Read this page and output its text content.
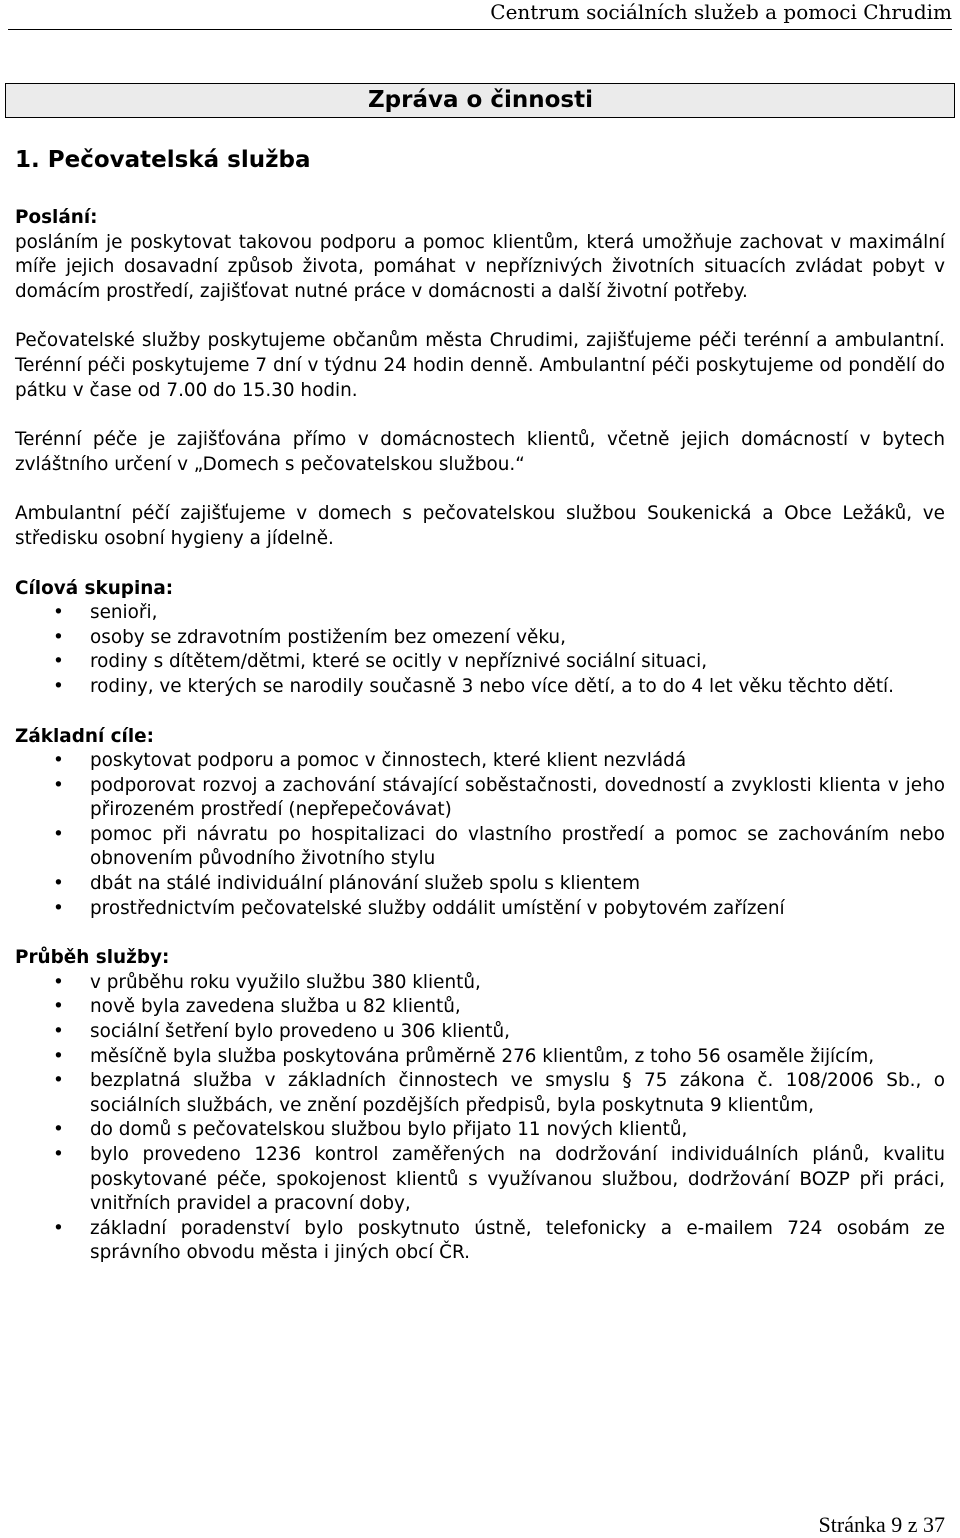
Centrum sociálních služeb a pomoci Chrudim
Zpráva o činnosti
1. Pečovatelská služba
Poslání:

posláním je poskytovat takovou podporu a pomoc klientům, která umožňuje zachovat v maximální míře jejich dosavadní způsob života, pomáhat v nepříznivých životních situacích zvládat pobyt v domácím prostředí, zajišťovat nutné práce v domácnosti a další životní potřeby.

Pečovatelské služby poskytujeme občanům města Chrudimi, zajišťujeme péči terénní a ambulantní. Terénní péči poskytujeme 7 dní v týdnu 24 hodin denně. Ambulantní péči poskytujeme od pondělí do pátku v čase od 7.00 do 15.30 hodin.

Terénní péče je zajišťována přímo v domácnostech klientů, včetně jejich domácností v bytech zvláštního určení v „Domech s pečovatelskou službou.“

Ambulantní péčí zajišťujeme v domech s pečovatelskou službou Soukenická a Obce Ležáků, ve středisku osobní hygieny a jídelně.

Cílová skupina:
• senioři,
• osoby se zdravotním postižením bez omezení věku,
• rodiny s dítětem/dětmi, které se ocitly v nepříznivé sociální situaci,
• rodiny, ve kterých se narodily současně 3 nebo více dětí, a to do 4 let věku těchto dětí.
Základní cíle:
• poskytovat podporu a pomoc v činnostech, které klient nezvládá
• podporovat rozvoj a zachování stávající soběstačnosti, dovedností a zvyklosti klienta v jeho přirozeném prostředí (nepřepečovávat)
• pomoc při návratu po hospitalizaci do vlastního prostředí a pomoc se zachováním nebo obnovením původního životního stylu
• dbát na stálé individuální plánování služeb spolu s klientem
• prostřednictvím pečovatelské služby oddálit umístění v pobytovém zařízení
Průběh služby:
• v průběhu roku využilo službu 380 klientů,
• nově byla zavedena služba u 82 klientů,
• sociální šetření bylo provedeno u 306 klientů,
• měsíčně byla služba poskytována průměrně 276 klientům, z toho 56 osaměle žijícím,
• bezplatná služba v základních činnostech ve smyslu § 75 zákona č. 108/2006 Sb., o sociálních službách, ve znění pozdějších předpisů, byla poskytnuta 9 klientům,
• do domů s pečovatelskou službou bylo přijato 11 nových klientů,
• bylo provedeno 1236 kontrol zaměřených na dodržování individuálních plánů, kvalitu poskytované péče, spokojenost klientů s využívanou službou, dodržování BOZP při práci, vnitřních pravidel a pracovní doby,
• základní poradenství bylo poskytnuto ústně, telefonicky a e-mailem 724 osobám ze správního obvodu města i jiných obcí ČR.
Stránka 9 z 37
